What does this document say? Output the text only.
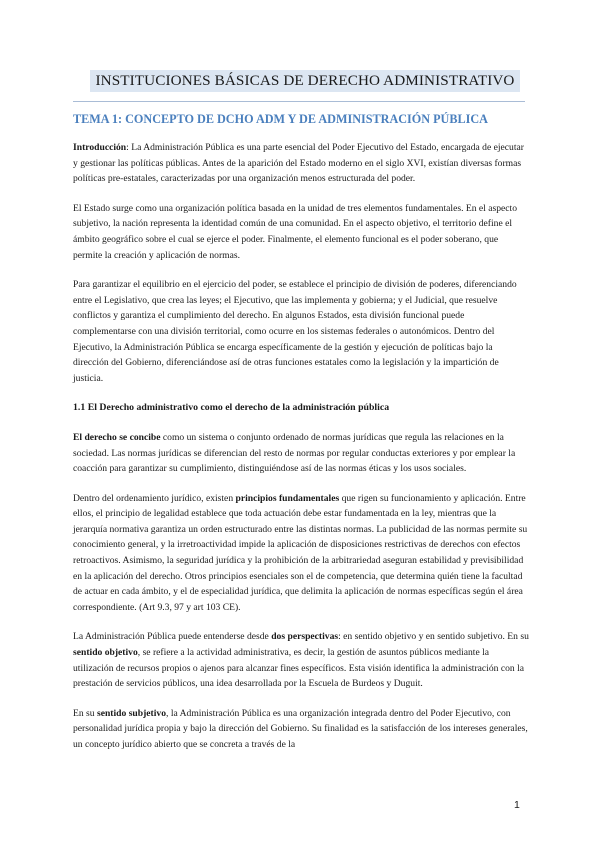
INSTITUCIONES BÁSICAS DE DERECHO ADMINISTRATIVO
TEMA 1: CONCEPTO DE DCHO ADM Y DE ADMINISTRACIÓN PÚBLICA

Introducción: La Administración Pública es una parte esencial del Poder Ejecutivo del Estado, encargada de ejecutar y gestionar las políticas públicas. Antes de la aparición del Estado moderno en el siglo XVI, existían diversas formas políticas pre-estatales, caracterizadas por una organización menos estructurada del poder.

El Estado surge como una organización política basada en la unidad de tres elementos fundamentales. En el aspecto subjetivo, la nación representa la identidad común de una comunidad. En el aspecto objetivo, el territorio define el ámbito geográfico sobre el cual se ejerce el poder. Finalmente, el elemento funcional es el poder soberano, que permite la creación y aplicación de normas.

Para garantizar el equilibrio en el ejercicio del poder, se establece el principio de división de poderes, diferenciando entre el Legislativo, que crea las leyes; el Ejecutivo, que las implementa y gobierna; y el Judicial, que resuelve conflictos y garantiza el cumplimiento del derecho. En algunos Estados, esta división funcional puede complementarse con una división territorial, como ocurre en los sistemas federales o autonómicos. Dentro del Ejecutivo, la Administración Pública se encarga específicamente de la gestión y ejecución de políticas bajo la dirección del Gobierno, diferenciándose así de otras funciones estatales como la legislación y la impartición de justicia.

1.1 El Derecho administrativo como el derecho de la administración pública

El derecho se concibe como un sistema o conjunto ordenado de normas jurídicas que regula las relaciones en la sociedad. Las normas jurídicas se diferencian del resto de normas por regular conductas exteriores y por emplear la coacción para garantizar su cumplimiento, distinguiéndose así de las normas éticas y los usos sociales.

Dentro del ordenamiento jurídico, existen principios fundamentales que rigen su funcionamiento y aplicación. Entre ellos, el principio de legalidad establece que toda actuación debe estar fundamentada en la ley, mientras que la jerarquía normativa garantiza un orden estructurado entre las distintas normas. La publicidad de las normas permite su conocimiento general, y la irretroactividad impide la aplicación de disposiciones restrictivas de derechos con efectos retroactivos. Asimismo, la seguridad jurídica y la prohibición de la arbitrariedad aseguran estabilidad y previsibilidad en la aplicación del derecho. Otros principios esenciales son el de competencia, que determina quién tiene la facultad de actuar en cada ámbito, y el de especialidad jurídica, que delimita la aplicación de normas específicas según el área correspondiente. (Art 9.3, 97 y art 103 CE).

La Administración Pública puede entenderse desde dos perspectivas: en sentido objetivo y en sentido subjetivo. En su sentido objetivo, se refiere a la actividad administrativa, es decir, la gestión de asuntos públicos mediante la utilización de recursos propios o ajenos para alcanzar fines específicos. Esta visión identifica la administración con la prestación de servicios públicos, una idea desarrollada por la Escuela de Burdeos y Duguit.

En su sentido subjetivo, la Administración Pública es una organización integrada dentro del Poder Ejecutivo, con personalidad jurídica propia y bajo la dirección del Gobierno. Su finalidad es la satisfacción de los intereses generales, un concepto jurídico abierto que se concreta a través de la

1
